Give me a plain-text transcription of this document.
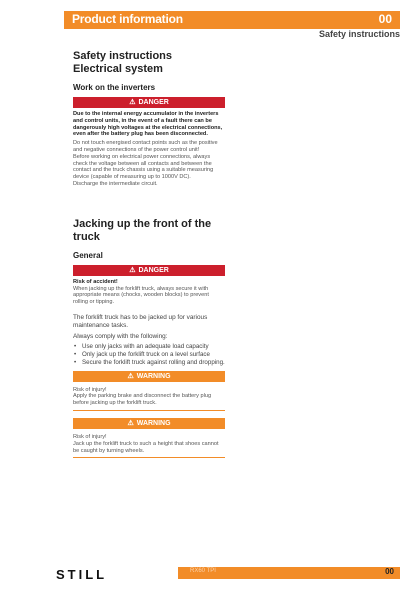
Product information	00
Safety instructions

Safety instructions

Electrical system

Work on the inverters

⚠ DANGER

Due to the internal energy accumulator in the inverters and control units, in the event of a fault there can be dangerously high voltages at the electrical connections, even after the battery plug has been disconnected.

Do not touch energised contact points such as the positive and negative connections of the power control unit!

Before working on electrical power connections, always check the voltage between all contacts and between the contact and the truck chassis using a suitable measuring device (capable of measuring up to 1000V DC).

Discharge the intermediate circuit.

Jacking up the front of the truck

General

⚠ DANGER

Risk of accident!

When jacking up the forklift truck, always secure it with appropriate means (chocks, wooden blocks) to prevent rolling or tipping.

The forklift truck has to be jacked up for various maintenance tasks.

Always comply with the following:

• Use only jacks with an adequate load capacity
• Only jack up the forklift truck on a level surface
• Secure the forklift truck against rolling and dropping.
⚠ WARNING

Risk of injury!

Apply the parking brake and disconnect the battery plug before jacking up the forklift truck.

⚠ WARNING

Risk of injury!

Jack up the forklift truck to such a height that shoes cannot be caught by turning wheels.

STILL	RX60 TPI	00
